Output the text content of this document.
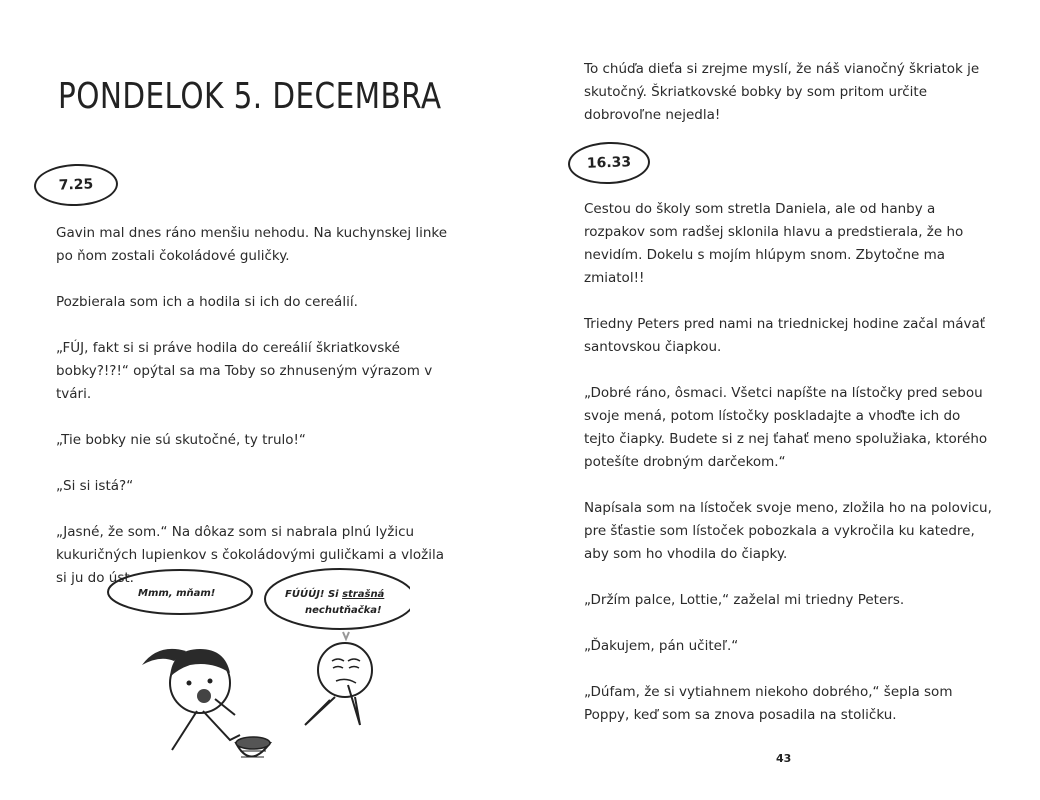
PONDELOK 5. DECEMBRA
7.25

Gavin mal dnes ráno menšiu nehodu. Na kuchynskej linke po ňom zostali čokoládové guličky.

Pozbierala som ich a hodila si ich do cereálií.

„FÚJ, fakt si si práve hodila do cereálií škriatkovské bobky?!?!“ opýtal sa ma Toby so zhnuseným výrazom v tvári.

„Tie bobky nie sú skutočné, ty trulo!“

„Si si istá?“

„Jasné, že som.“ Na dôkaz som si nabrala plnú lyžicu kukuričných lupienkov s čokoládovými guličkami a vložila si ju do úst.

Mmm, mňam!	FÚÚÚJ! Si strašná
nechutňačka!

To chúďa dieťa si zrejme myslí, že náš vianočný škriatok je skutočný. Škriatkovské bobky by som pritom určite dobrovoľne nejedla!

16.33

Cestou do školy som stretla Daniela, ale od hanby a rozpakov som radšej sklonila hlavu a predstierala, že ho nevidím. Dokelu s mojím hlúpym snom. Zbytočne ma zmiatol!!

Triedny Peters pred nami na triednickej hodine začal mávať santovskou čiapkou.

„Dobré ráno, ôsmaci. Všetci napíšte na lístočky pred sebou svoje mená, potom lístočky poskladajte a vhoďte ich do tejto čiapky. Budete si z nej ťahať meno spolužiaka, ktorého potešíte drobným darčekom.“

Napísala som na lístoček svoje meno, zložila ho na polovicu, pre šťastie som lístoček pobozkala a vykročila ku katedre, aby som ho vhodila do čiapky.

„Držím palce, Lottie,“ zaželal mi triedny Peters.

„Ďakujem, pán učiteľ.“

„Dúfam, že si vytiahnem niekoho dobrého,“ šepla som Poppy, keď som sa znova posadila na stoličku.

43
